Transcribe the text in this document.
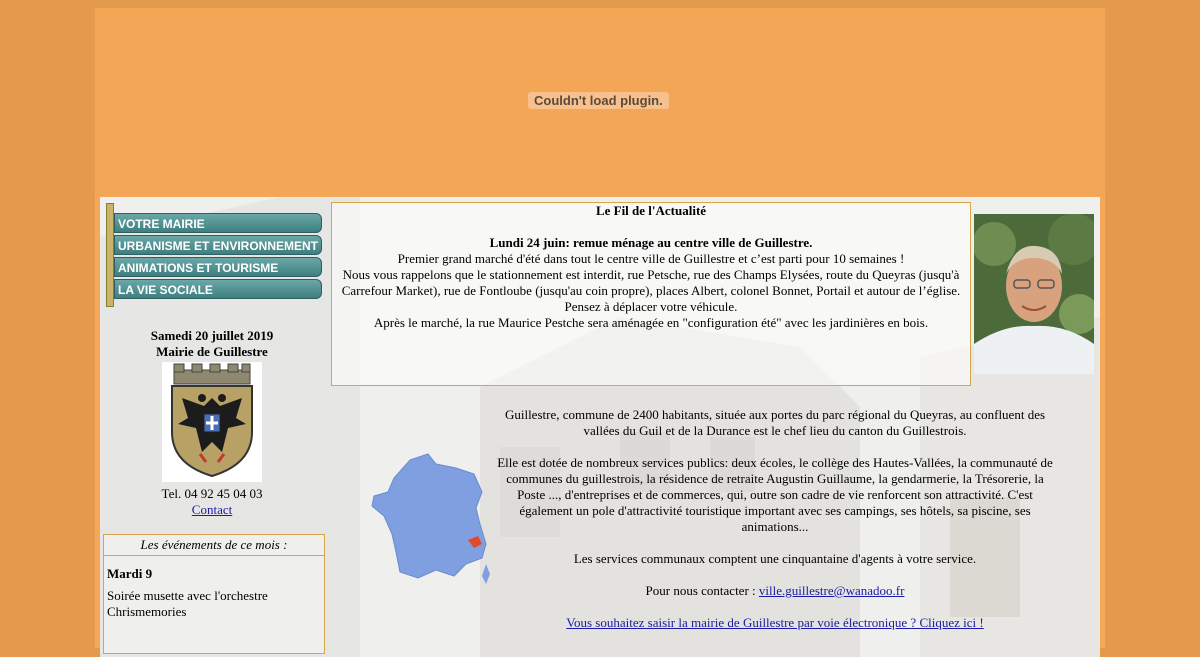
Couldn't load plugin.
VOTRE MAIRIE
URBANISME ET ENVIRONNEMENT
ANIMATIONS ET TOURISME
LA VIE SOCIALE
Samedi 20 juillet 2019
Mairie de Guillestre
Tel. 04 92 45 04 03
Contact
Les événements de ce mois :
Mardi 9
Soirée musette avec l'orchestre Chrismemories

Le Fil de l'Actualité

Lundi 24 juin: remue ménage au centre ville de Guillestre.

Premier grand marché d'été dans tout le centre ville de Guillestre et c’est parti pour 10 semaines !

Nous vous rappelons que le stationnement est interdit, rue Petsche, rue des Champs Elysées, route du Queyras (jusqu'à Carrefour Market), rue de Fontloube (jusqu'au coin propre), places Albert, colonel Bonnet, Portail et autour de l’église.

Pensez à déplacer votre véhicule.

Après le marché, la rue Maurice Pestche sera aménagée en "configuration été" avec les jardinières en bois.

Guillestre, commune de 2400 habitants, située aux portes du parc régional du Queyras, au confluent des vallées du Guil et de la Durance est le chef lieu du canton du Guillestrois.

Elle est dotée de nombreux services publics: deux écoles, le collège des Hautes-Vallées, la communauté de communes du guillestrois, la résidence de retraite Augustin Guillaume, la gendarmerie, la Trésorerie, la Poste ..., d'entreprises et de commerces, qui, outre son cadre de vie renforcent son attractivité. C'est également un pole d'attractivité touristique important avec ses campings, ses hôtels, sa piscine, ses animations...

Les services communaux comptent une cinquantaine d'agents à votre service.

Pour nous contacter : ville.guillestre@wanadoo.fr

Vous souhaitez saisir la mairie de Guillestre par voie électronique ? Cliquez ici !
